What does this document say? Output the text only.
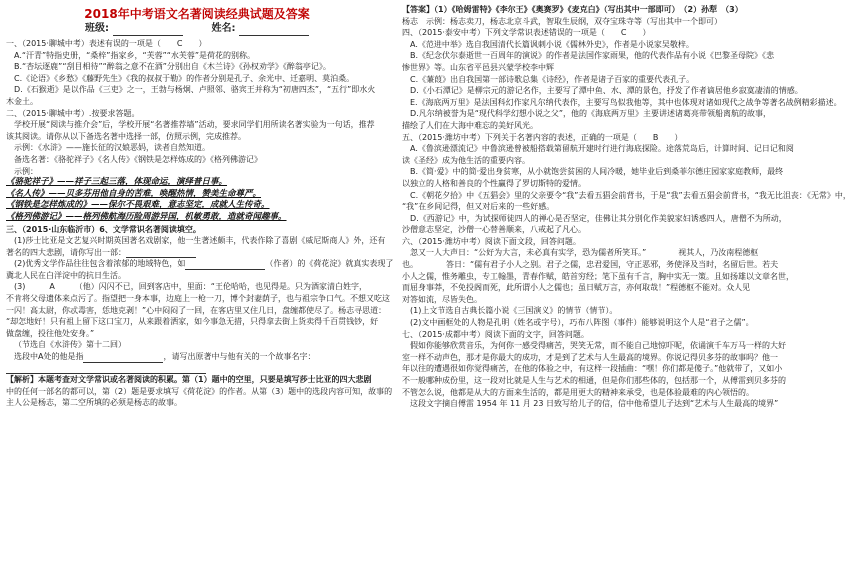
2018年中考语文名著阅读经典试题及答案
班级:	姓名:
一、（2015·聊城中考）表述有误的一项是（　　C　　）
A.“汗青”特指史册，“桑梓”指家乡，“芙蓉”“水芙蓉”是荷花的别称。
B.“杏坛逐鹿”“刮目相待”“醉翁之意不在酒”分别出自《木兰诗》《孙权劝学》《醉翁亭记》。
C.《论语》《乡愁》《藤野先生》《我的叔叔于勒》的作者分别是孔子、余光中、迁嘉明、莫泊桑。
D.《石猴逝》是以作品《三吏》之一，王勃与杨炯、卢照邻、骆宾王并称为“初唐四杰”，“五行”即水火
木金土。
二、（2015·聊城中考）.按要求答题。
学校开展“阅读与推介会”后，学校开展“名著推荐墙”活动，要求同学们用所读名著实验为一句话，推荐
该其阅读。请你从以下备选名著中选择一部，仿照示例，完成推荐。
示例：《水浒》——施长征的汉娘恶妈，读者自然知道。
备选名著：《骆驼祥子》《名人传》《钢铁是怎样炼成的》《格列佛游记》
示例：
《骆驼祥子》——祥子三起三落，体现命运，演绎普日事。
《名人传》——贝多芬用他自身的苦难，唤醒热情，赞美生命尊严。
《钢铁是怎样炼成的》——保尔不畏艰难，意志坚定，成就人生传奇。
《格列佛游记》——格列佛航海历险周游异国，机敏勇敢，造就奇闻趣事。
三、（2015·山东临沂市）6、文学常识名著阅读填空。
(1)莎士比亚是文艺复兴时期英国著名戏剧家，他一生著述颇丰，代表作除了喜剧《威尼斯商人》外，还有
著名的四大悲剧，请你写出一部：
(2)优秀文学作品往往包含着浓郁的地域特色，如	（作者）的《荷花淀》就真实表现了
冀北人民在白洋淀中的抗日生活。
(3)　　　A　　　（他）闪闪不已，回到客店中，里面：“王伦哈哈，也见得是。只为酒家清白姓字，
不肯将父母遗体来点污了。指望把一身本事，边庭上一枪一刀，博个封妻荫子，也与祖宗争口气。不想又吃这
一闪！高太尉，你忒毒害，恁地克剥！”心中闷闷了一回，在客店里又住几日，盘缠都使尽了。杨志寻思道：
“却怎地好！只有祖上留下这口宝刀，从来跟着洒家，如今事急无措，只得拿去街上货卖得千百贯钱钞，好
做盘缠，投往他处安身。”
（节选自《水浒传》第十二回）
选段中A处的他是指	，请写出原著中与他有关的一个故事名字：
【解析】本题考查对文学常识或名著阅读的积累。第（1）题中的空里，只要是填写莎士比亚的四大悲剧
中的任何一部名的都可以，第（2）题是要求填写《荷花淀》的作者。从第（3）题中的选段内容可知，故事的
主人公是杨志，第二空所填的必须是杨志的故事。
【答案】（1）《哈姆雷特》《李尔王》《奥赛罗》《麦克白》（写出其中一部即可）　（2）孙犁　（3）
杨志　示例：杨志卖刀，杨志北京斗武，智取生辰纲，双夺宝珠寺等（写出其中一个即可）
四、（2015·泰安中考）下列文学常识表述错误的一项是（　　C　　）
A.《范进中举》选自我国清代长篇讽刺小说《儒林外史》，作者是小说家吴敬梓。
B.《纪念伏尔泰逝世一百周年的演说》的作者是法国作家雨果，他的代表作品有小说《巴黎圣母院》《悲
惨世界》等。山东省平邑县兴蒙学校李中辉
C.《蒹葭》出自我国第一部诗歌总集《诗经》，作者是诸子百家的重要代表孔子。
D.《小石潭记》是柳宗元的游记名作，主要写了潭中鱼、水、潭的景色，抒发了作者谪居他乡寂寞凄清的情感。
E.《海底两万里》是法国科幻作家凡尔纳代表作，主要写鸟似我他等，其中也体现对诸如现代之战争等著名战例精彩描述。
D.凡尔纳被誉为是“现代科学幻想小说之父”，他的《海底两万里》主要讲述诸葛亮带领船离航的故事，
描绘了人们在大海中难忘的美好风光。
五、（2015·潍坊中考）下列关于名著内容的表述，正确的一项是（　　B　　）
A.《鲁滨逊漂流记》中鲁滨逊曾被船搭载第留航开建时行进行海底探险。途落荒岛后，计算时间、记日记和阅
读《圣经》成为他生活的重要内容。
B.《简·爱》中的简·爱出身贫寒，从小就饱尝贫困的人间冷暖，她毕业后到桑菲尔德庄园家家庭教师，最终
以独立的人格和善良的个性赢得了罗切斯特的爱情。
C.《朝花夕拾》中《五猖会》里的父亲要令“我”去看五猖会前背书，于是“我”去看五猖会前背书，“我无比沮丧：《无常》中，
“我”在乡间记得，但又对后来的一些好感。
D.《西游记》中，为试探师徒四人的禅心是否坚定，佳佛让其分别化作美貌家妇诱惑四人，唐僧不为所动，
沙僧意志坚定，沙僧一心替善顺来，八戒起了凡心。
六、（2015·潍坊中考）阅读下面文段，回答问题。
忽又一人大声日：“公好为大言，未必真有实学，恐为儒者所笑耳。”　　　　视其人，乃汝南程德枢
也。　　　　答日：“儒有君子小人之别。君子之儒，忠君爱国，守正恶邪，务使泽及当时，名留后世。若夫
小人之儒，惟务雕虫，专工翰墨，青春作赋，皓首穷经；笔下虽有千言，胸中实无一策。且如扬雄以文章名世，
而屈身事莽，不免投阁而死，此所谓小人之儒也；虽日赋万言，亦何取哉！”程德枢不能对。众人见
对答如流，尽皆失色。
(1)上文节选自古典长篇小说《三国演义》的情节（情节）。
(2)文中画框处的人物是孔明（姓名或字号），巧布八阵图（事件）能够说明这个人是“君子之儒”。
七、（2015·成都中考）阅读下面的文字，回答问题。
假如你能够欣赏音乐，为何你一感受得痛苦，哭笑无常，而不能自己地惊吓呢，依诵演千车万马一样的大好
室一样不动声色，那才是你最大的成功，才是到了艺术与人生最高的境界。你说记得贝多芬的故事吗？他一
年以往的遭遇很如你觉得痛苦，在他的体验之中，有这样一段插曲：“嘿！你们都是傻子。”他就带了，又如小
不一般哪种成份里，这一段对比就是人生与艺术的相通，但是你们那些体的，包括那一个，从傅雷到贝多芬的
不管怎么说，他都是从大的方面来生活的，都是用更大的精神来承受，也是体验最难的内心领悟的。
这段文字摘自傅雷 1954 年 11 月 23 日致写给儿子的信，信中他希望儿子达到“艺术与人生最高的境界”
